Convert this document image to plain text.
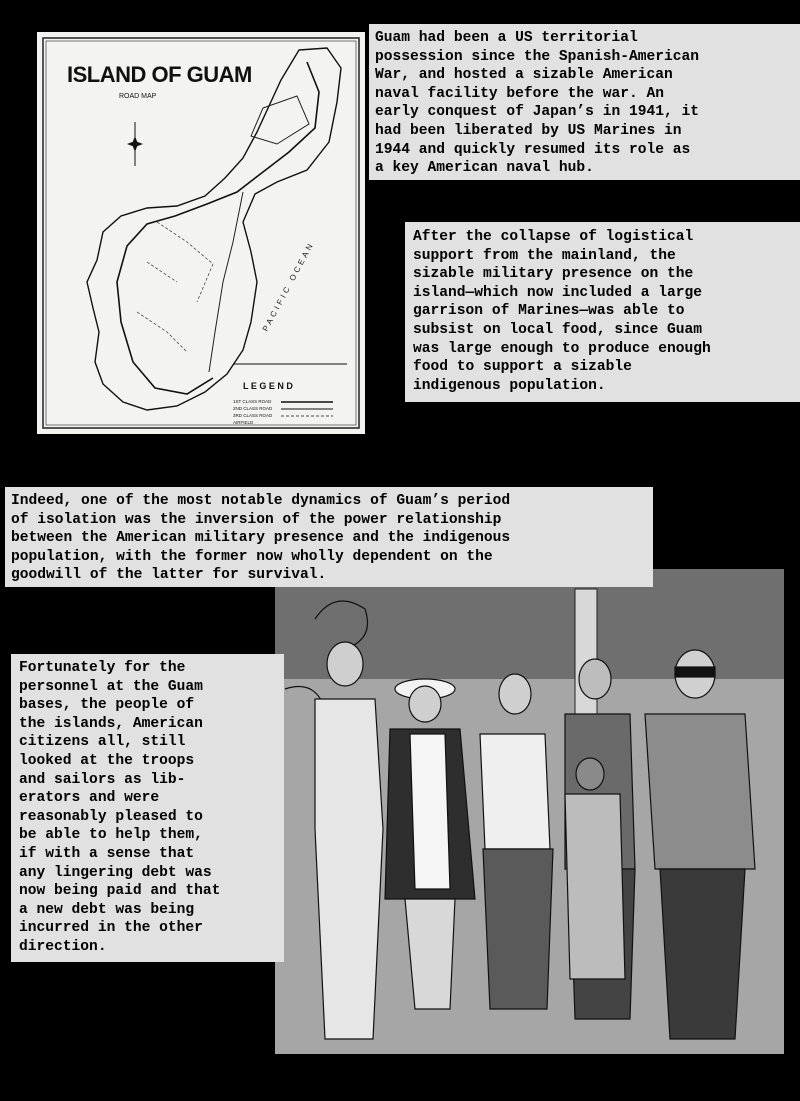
ISLAND OF GUAM
ROAD MAP
PACIFIC OCEAN
L E G E N D
1ST CLASS ROAD
2ND CLASS ROAD
3RD CLASS ROAD
AIRFIELD
Guam had been a US territorial
possession since the Spanish-American
War, and hosted a sizable American
naval facility before the war. An
early conquest of Japan’s in 1941, it
had been liberated by US Marines in
1944 and quickly resumed its role as
a key American naval hub.
After the collapse of logistical
support from the mainland, the
sizable military presence on the
island—which now included a large
garrison of Marines—was able to
subsist on local food, since Guam
was large enough to produce enough
food to support a sizable
indigenous population.
Indeed, one of the most notable dynamics of Guam’s period
of isolation was the inversion of the power relationship
between the American military presence and the indigenous
population, with the former now wholly dependent on the
goodwill of the latter for survival.
Fortunately for the
personnel at the Guam
bases, the people of
the islands, American
citizens all, still
looked at the troops
and sailors as lib-
erators and were
reasonably pleased to
be able to help them,
if with a sense that
any lingering debt was
now being paid and that
a new debt was being
incurred in the other
direction.
